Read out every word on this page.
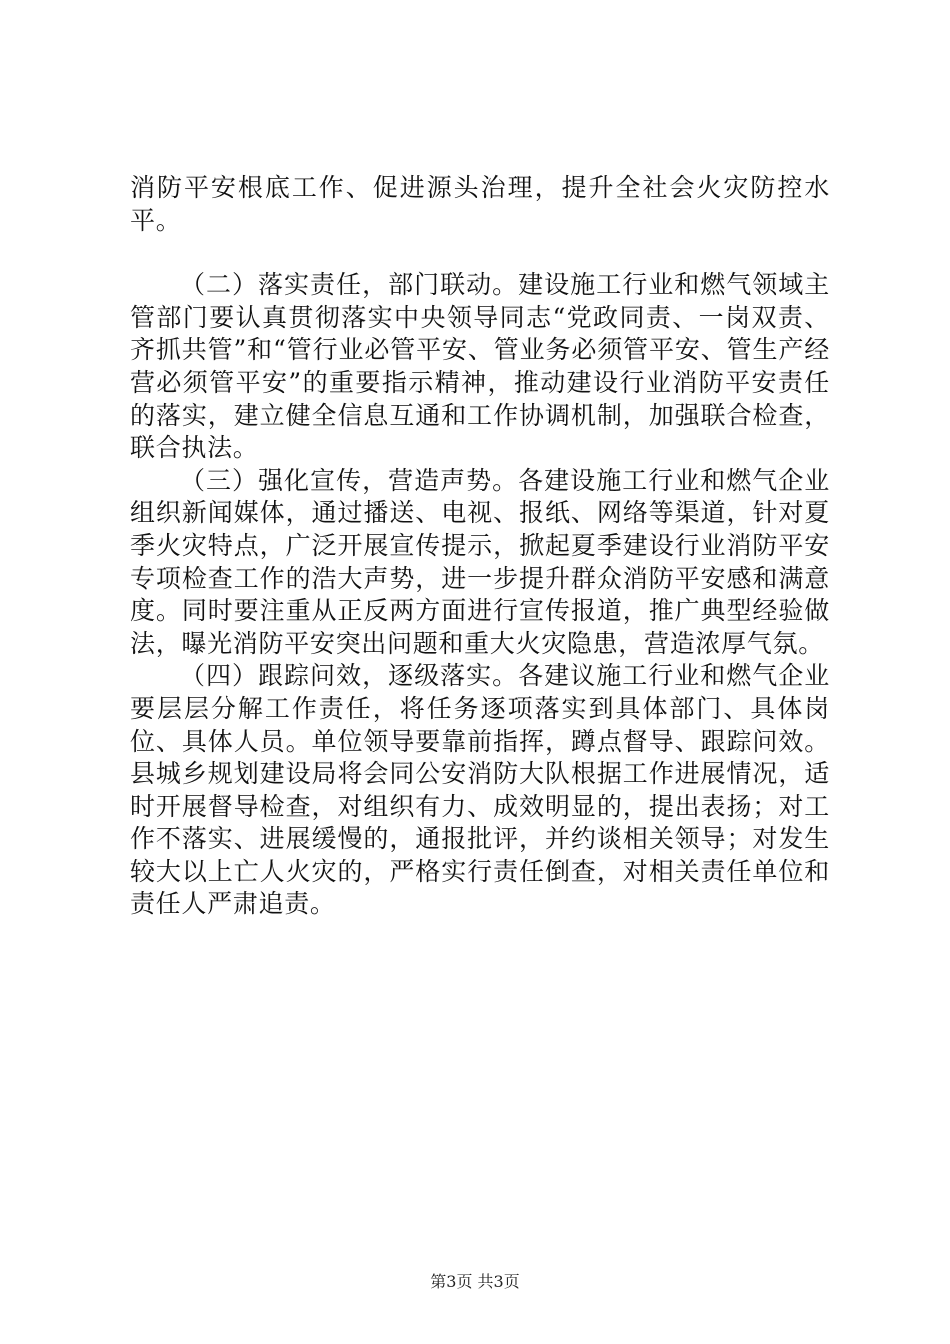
消防平安根底工作、促进源头治理，提升全社会火灾防控水平。

（二）落实责任，部门联动。建设施工行业和燃气领域主管部门要认真贯彻落实中央领导同志“党政同责、一岗双责、齐抓共管”和“管行业必管平安、管业务必须管平安、管生产经营必须管平安”的重要指示精神，推动建设行业消防平安责任的落实，建立健全信息互通和工作协调机制，加强联合检查，联合执法。

（三）强化宣传，营造声势。各建设施工行业和燃气企业组织新闻媒体，通过播送、电视、报纸、网络等渠道，针对夏季火灾特点，广泛开展宣传提示，掀起夏季建设行业消防平安专项检查工作的浩大声势，进一步提升群众消防平安感和满意度。同时要注重从正反两方面进行宣传报道，推广典型经验做法，曝光消防平安突出问题和重大火灾隐患，营造浓厚气氛。

（四）跟踪问效，逐级落实。各建议施工行业和燃气企业要层层分解工作责任，将任务逐项落实到具体部门、具体岗位、具体人员。单位领导要靠前指挥，蹲点督导、跟踪问效。县城乡规划建设局将会同公安消防大队根据工作进展情况，适时开展督导检查，对组织有力、成效明显的，提出表扬；对工作不落实、进展缓慢的，通报批评，并约谈相关领导；对发生较大以上亡人火灾的，严格实行责任倒查，对相关责任单位和责任人严肃追责。

第3页 共3页
